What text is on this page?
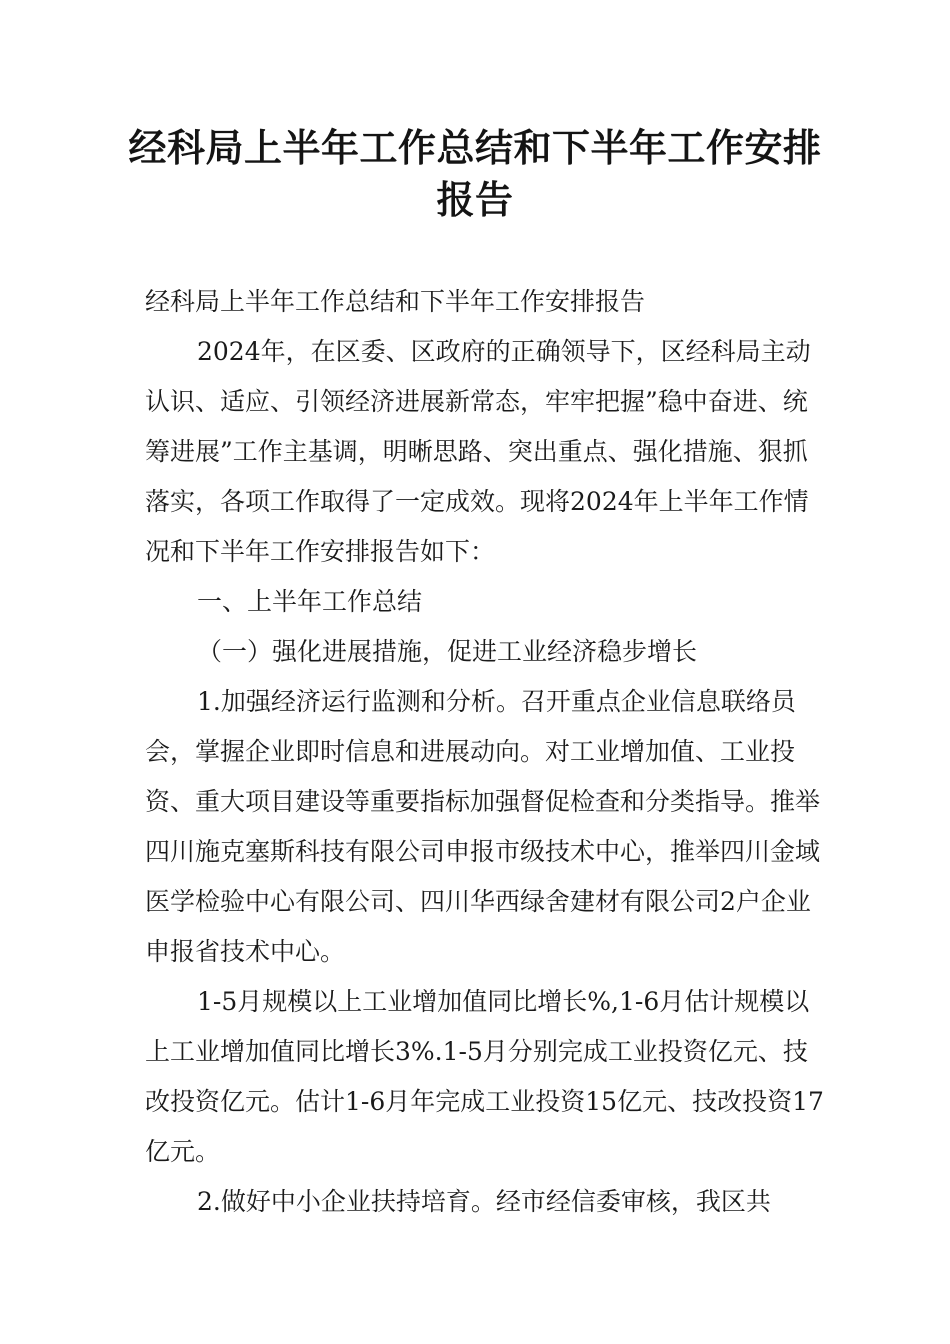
经科局上半年工作总结和下半年工作安排报告

经科局上半年工作总结和下半年工作安排报告

2024年，在区委、区政府的正确领导下，区经科局主动认识、适应、引领经济进展新常态，牢牢把握”稳中奋进、统筹进展”工作主基调，明晰思路、突出重点、强化措施、狠抓落实，各项工作取得了一定成效。现将2024年上半年工作情况和下半年工作安排报告如下：

一、上半年工作总结

（一）强化进展措施，促进工业经济稳步增长

1.加强经济运行监测和分析。召开重点企业信息联络员会，掌握企业即时信息和进展动向。对工业增加值、工业投资、重大项目建设等重要指标加强督促检查和分类指导。推举四川施克塞斯科技有限公司申报市级技术中心，推举四川金域医学检验中心有限公司、四川华西绿舍建材有限公司2户企业申报省技术中心。

1-5月规模以上工业增加值同比增长%,1-6月估计规模以上工业增加值同比增长3%.1-5月分别完成工业投资亿元、技改投资亿元。估计1-6月年完成工业投资15亿元、技改投资17亿元。

2.做好中小企业扶持培育。经市经信委审核，我区共
